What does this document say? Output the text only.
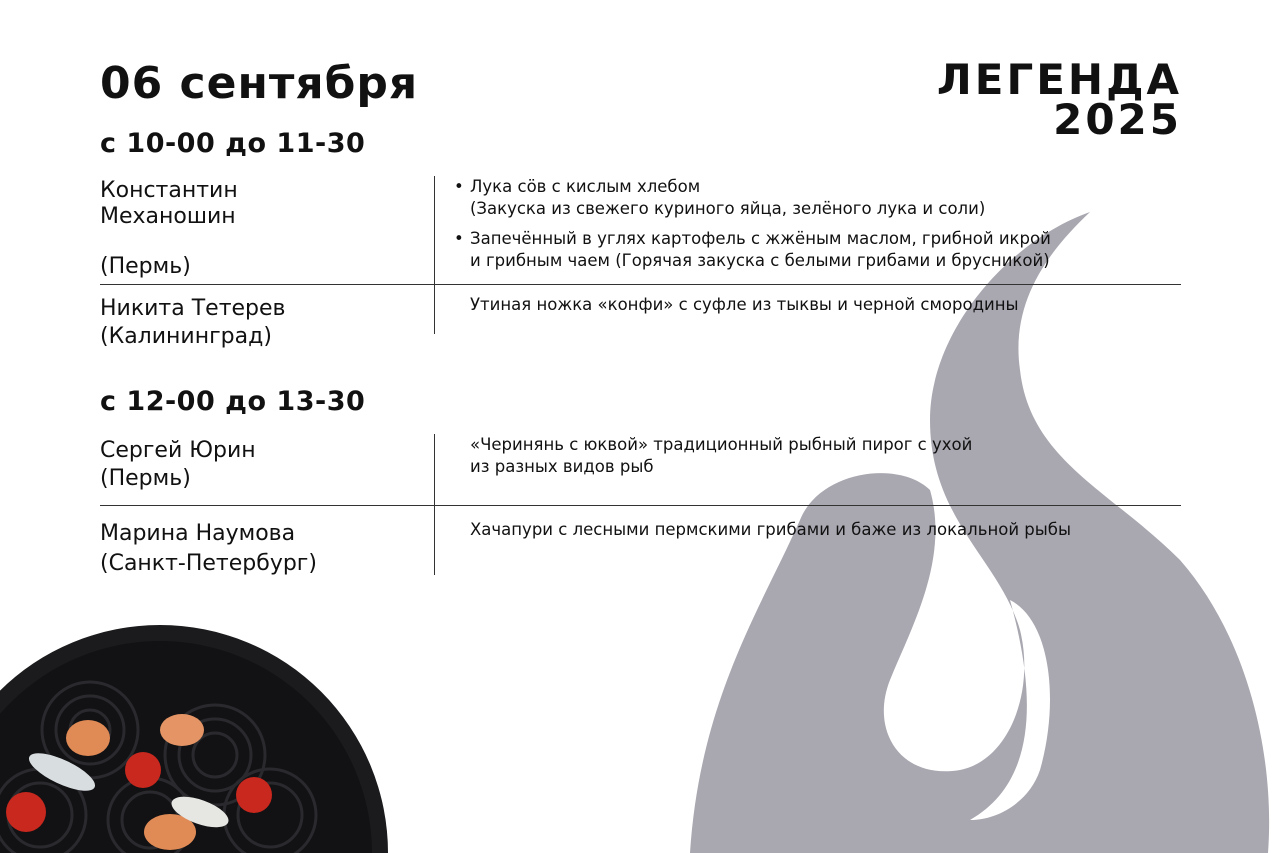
06 сентября	ЛЕГЕНДА
2025
с 10-00 до 11-30
Константин
Механошин
(Пермь)
• Лука сöв с кислым хлебом
(Закуска из свежего куриного яйца, зелёного лука и соли)
• Запечённый в углях картофель с жжёным маслом, грибной икрой
и грибным чаем (Горячая закуска с белыми грибами и брусникой)
Никита Тетерев
(Калининград)
Утиная ножка «конфи» с суфле из тыквы и черной смородины
с 12-00 до 13-30
Сергей Юрин
(Пермь)
«Черинянь с юквой» традиционный рыбный пирог с ухой
из разных видов рыб
Марина Наумова
(Санкт-Петербург)
Хачапури с лесными пермскими грибами и баже из локальной рыбы
